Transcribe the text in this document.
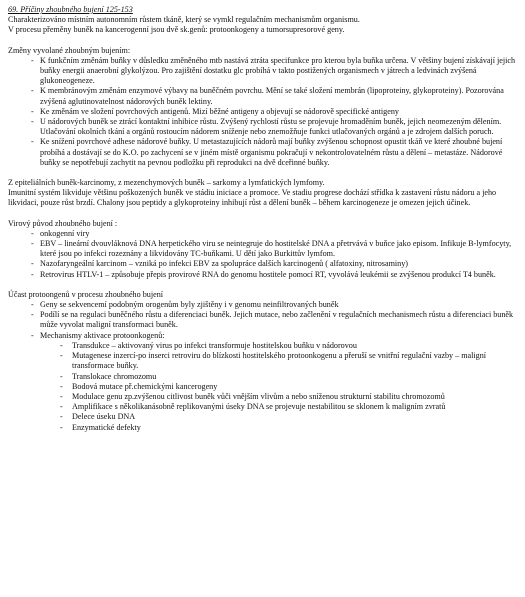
69. Příčiny zhoubného bujení 125-153

Charakterizováno místním autonomním růstem tkáně, který se vymkl regulačním mechanismům organismu.

V procesu přeměny buněk na kancerogenní jsou dvě sk.genů: protoonkogeny a tumorsupresorové geny.

Změny vyvolané zhoubným bujením:

- K funkčním změnám buňky v důsledku změněného mtb nastává ztráta specifunkce pro kterou byla buňka určena. V většiny bujení získávají jejich buňky energii anaerobní glykolýzou. Pro zajištění dostatku glc probíhá v takto postižených organismech v játrech a ledvinách zvýšená glukoneogeneze.
- K membránovým změnám enzymové výbavy na buněčném povrchu. Mění se také složení membrán (lipoproteiny, glykoproteiny). Pozorována zvýšená aglutinovatelnost nádorových buněk lektiny.
- Ke změnám ve složení povrchových antigenů. Mizí běžné antigeny a objevují se nádorově specifické antigeny
- U nádorových buněk se ztrácí kontaktní inhibice růstu. Zvýšený rychlostí růstu se projevuje hromaděním buněk, jejich neomezeným dělením. Utlačování okolních tkání a orgánů rostoucím nádorem sníženje nebo znemožňuje funkci utlačovaných orgánů a je zdrojem dalších poruch.
- Ke snížení povrchové adhese nádorové buňky. U metastazujících nádorů mají buňky zvýšenou schopnost opustit tkáň ve které zhoubné bujení probíhá a dostávají se do K.O. po zachycení se v jiném místě organismu pokračují v nekontrolovatelném růstu a dělení – metastáze. Nádorové buňky se nepotřebují zachytit na pevnou podložku při reprodukci na dvě dceřinné buňky.

Z epiteliálních buněk-karcinomy, z mezenchymových buněk – sarkomy a lymfatických lymfomy.

Imunitní systém likviduje většinu poškozených buněk ve stádiu iniciace a promoce. Ve stadiu progrese dochází střídka k zastavení růstu nádoru a jeho likvidaci, pouze růst brzdí. Chalony jsou peptidy a glykoproteiny inhibují růst a dělení buněk – během karcinogeneze je omezen jejich účinek.

Virový původ zhoubného bujení :

- onkogenní viry
- EBV – lineární dvouvláknová DNA herpetického viru se neintegruje do hostitelské DNA a přetrvává v buňce jako episom. Infikuje B-lymfocyty, které jsou po infekci rozeznány a likvidovány TC-buňkami. U dětí jako Burkittův lymfom.
- Nazofaryngeální karcinom – vzniká po infekci EBV za spolupráce dalších karcinogenů ( alfatoxiny, nitrosaminy)
- Retrovirus HTLV-1 – způsobuje přepis provirové RNA do genomu hostitele pomocí RT, vyvolává leukémii se zvýšenou produkcí T4 buněk.

Účast protoongenů v procesu zhoubného bujení

- Geny se sekvencemí podobným orogenům byly zjištěny i v genomu neinfiltrovaných buněk
- Podílí se na regulaci buněčného růstu a diferenciaci buněk. Jejich mutace, nebo začlenění v regulačních mechanismech růstu a diferenciaci buněk může vyvolat maligní transformaci buněk.
- Mechanismy aktivace protoonkogenů:
- Transdukce – aktivovaný virus po infekci transformuje hostitelskou buňku v nádorovou
- Mutagenese inzercí-po inserci retroviru do blízkosti hostitelského protoonkogenu a přeruší se vnitřní regulační vazby – maligní transformace buňky.
- Translokace chromozomu
- Bodová mutace př.chemickými kancerogeny
- Modulace genu zp.zvýšenou citlivost buněk vůči vnějším vlivům a nebo sníženou strukturní stabilitu chromozomů
- Amplifikace s několikanásobně replikovanými úseky DNA se projevuje nestabilitou se sklonem k maligním zvratů
- Delece úseku DNA
- Enzymatické defekty
